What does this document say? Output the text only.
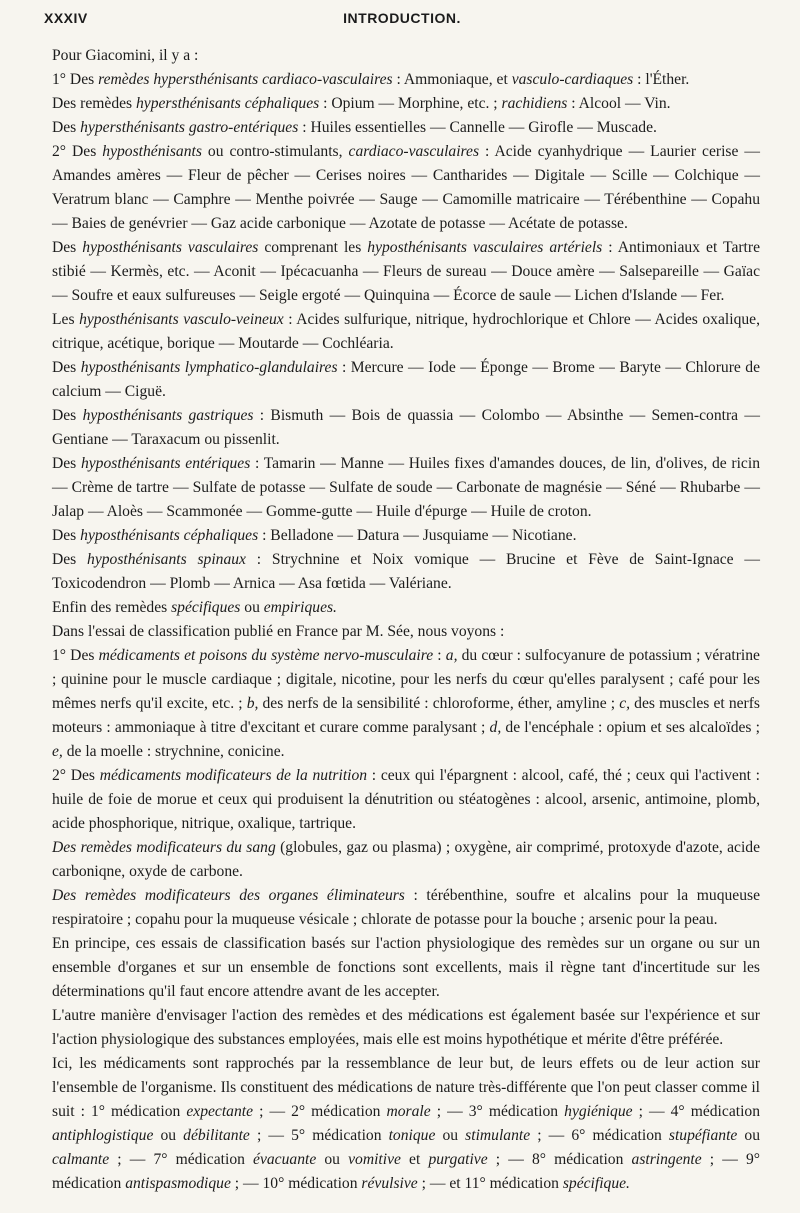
XXXIV	INTRODUCTION.

Pour Giacomini, il y a :

1° Des remèdes hypersthénisants cardiaco-vasculaires : Ammoniaque, et vasculo-cardiaques : l'Éther.

Des remèdes hypersthénisants céphaliques : Opium — Morphine, etc. ; rachidiens : Alcool — Vin.

Des hypersthénisants gastro-entériques : Huiles essentielles — Cannelle — Girofle — Muscade.

2° Des hyposthénisants ou contro-stimulants, cardiaco-vasculaires : Acide cyanhydrique — Laurier cerise — Amandes amères — Fleur de pêcher — Cerises noires — Cantharides — Digitale — Scille — Colchique — Veratrum blanc — Camphre — Menthe poivrée — Sauge — Camomille matricaire — Térébenthine — Copahu — Baies de genévrier — Gaz acide carbonique — Azotate de potasse — Acétate de potasse.

Des hyposthénisants vasculaires comprenant les hyposthénisants vasculaires artériels : Antimoniaux et Tartre stibié — Kermès, etc. — Aconit — Ipécacuanha — Fleurs de sureau — Douce amère — Salsepareille — Gaïac — Soufre et eaux sulfureuses — Seigle ergoté — Quinquina — Écorce de saule — Lichen d'Islande — Fer.

Les hyposthénisants vasculo-veineux : Acides sulfurique, nitrique, hydrochlorique et Chlore — Acides oxalique, citrique, acétique, borique — Moutarde — Cochléaria.

Des hyposthénisants lymphatico-glandulaires : Mercure — Iode — Éponge — Brome — Baryte — Chlorure de calcium — Ciguë.

Des hyposthénisants gastriques : Bismuth — Bois de quassia — Colombo — Absinthe — Semen-contra — Gentiane — Taraxacum ou pissenlit.

Des hyposthénisants entériques : Tamarin — Manne — Huiles fixes d'amandes douces, de lin, d'olives, de ricin — Crème de tartre — Sulfate de potasse — Sulfate de soude — Carbonate de magnésie — Séné — Rhubarbe — Jalap — Aloès — Scammonée — Gomme-gutte — Huile d'épurge — Huile de croton.

Des hyposthénisants céphaliques : Belladone — Datura — Jusquiame — Nicotiane.

Des hyposthénisants spinaux : Strychnine et Noix vomique — Brucine et Fève de Saint-Ignace — Toxicodendron — Plomb — Arnica — Asa fœtida — Valériane.

Enfin des remèdes spécifiques ou empiriques.

Dans l'essai de classification publié en France par M. Sée, nous voyons :

1° Des médicaments et poisons du système nervo-musculaire : a, du cœur : sulfocyanure de potassium ; vératrine ; quinine pour le muscle cardiaque ; digitale, nicotine, pour les nerfs du cœur qu'elles paralysent ; café pour les mêmes nerfs qu'il excite, etc. ; b, des nerfs de la sensibilité : chloroforme, éther, amyline ; c, des muscles et nerfs moteurs : ammoniaque à titre d'excitant et curare comme paralysant ; d, de l'encéphale : opium et ses alcaloïdes ; e, de la moelle : strychnine, conicine.

2° Des médicaments modificateurs de la nutrition : ceux qui l'épargnent : alcool, café, thé ; ceux qui l'activent : huile de foie de morue et ceux qui produisent la dénutrition ou stéatogènes : alcool, arsenic, antimoine, plomb, acide phosphorique, nitrique, oxalique, tartrique.

Des remèdes modificateurs du sang (globules, gaz ou plasma) ; oxygène, air comprimé, protoxyde d'azote, acide carboniqne, oxyde de carbone.

Des remèdes modificateurs des organes éliminateurs : térébenthine, soufre et alcalins pour la muqueuse respiratoire ; copahu pour la muqueuse vésicale ; chlorate de potasse pour la bouche ; arsenic pour la peau.

En principe, ces essais de classification basés sur l'action physiologique des remèdes sur un organe ou sur un ensemble d'organes et sur un ensemble de fonctions sont excellents, mais il règne tant d'incertitude sur les déterminations qu'il faut encore attendre avant de les accepter.

L'autre manière d'envisager l'action des remèdes et des médications est également basée sur l'expérience et sur l'action physiologique des substances employées, mais elle est moins hypothétique et mérite d'être préférée.

Ici, les médicaments sont rapprochés par la ressemblance de leur but, de leurs effets ou de leur action sur l'ensemble de l'organisme. Ils constituent des médications de nature très-différente que l'on peut classer comme il suit : 1° médication expectante ; — 2° médication morale ; — 3° médication hygiénique ; — 4° médication antiphlogistique ou débilitante ; — 5° médication tonique ou stimulante ; — 6° médication stupéfiante ou calmante ; — 7° médication évacuante ou vomitive et purgative ; — 8° médication astringente ; — 9° médication antispasmodique ; — 10° médication révulsive ; — et 11° médication spécifique.
